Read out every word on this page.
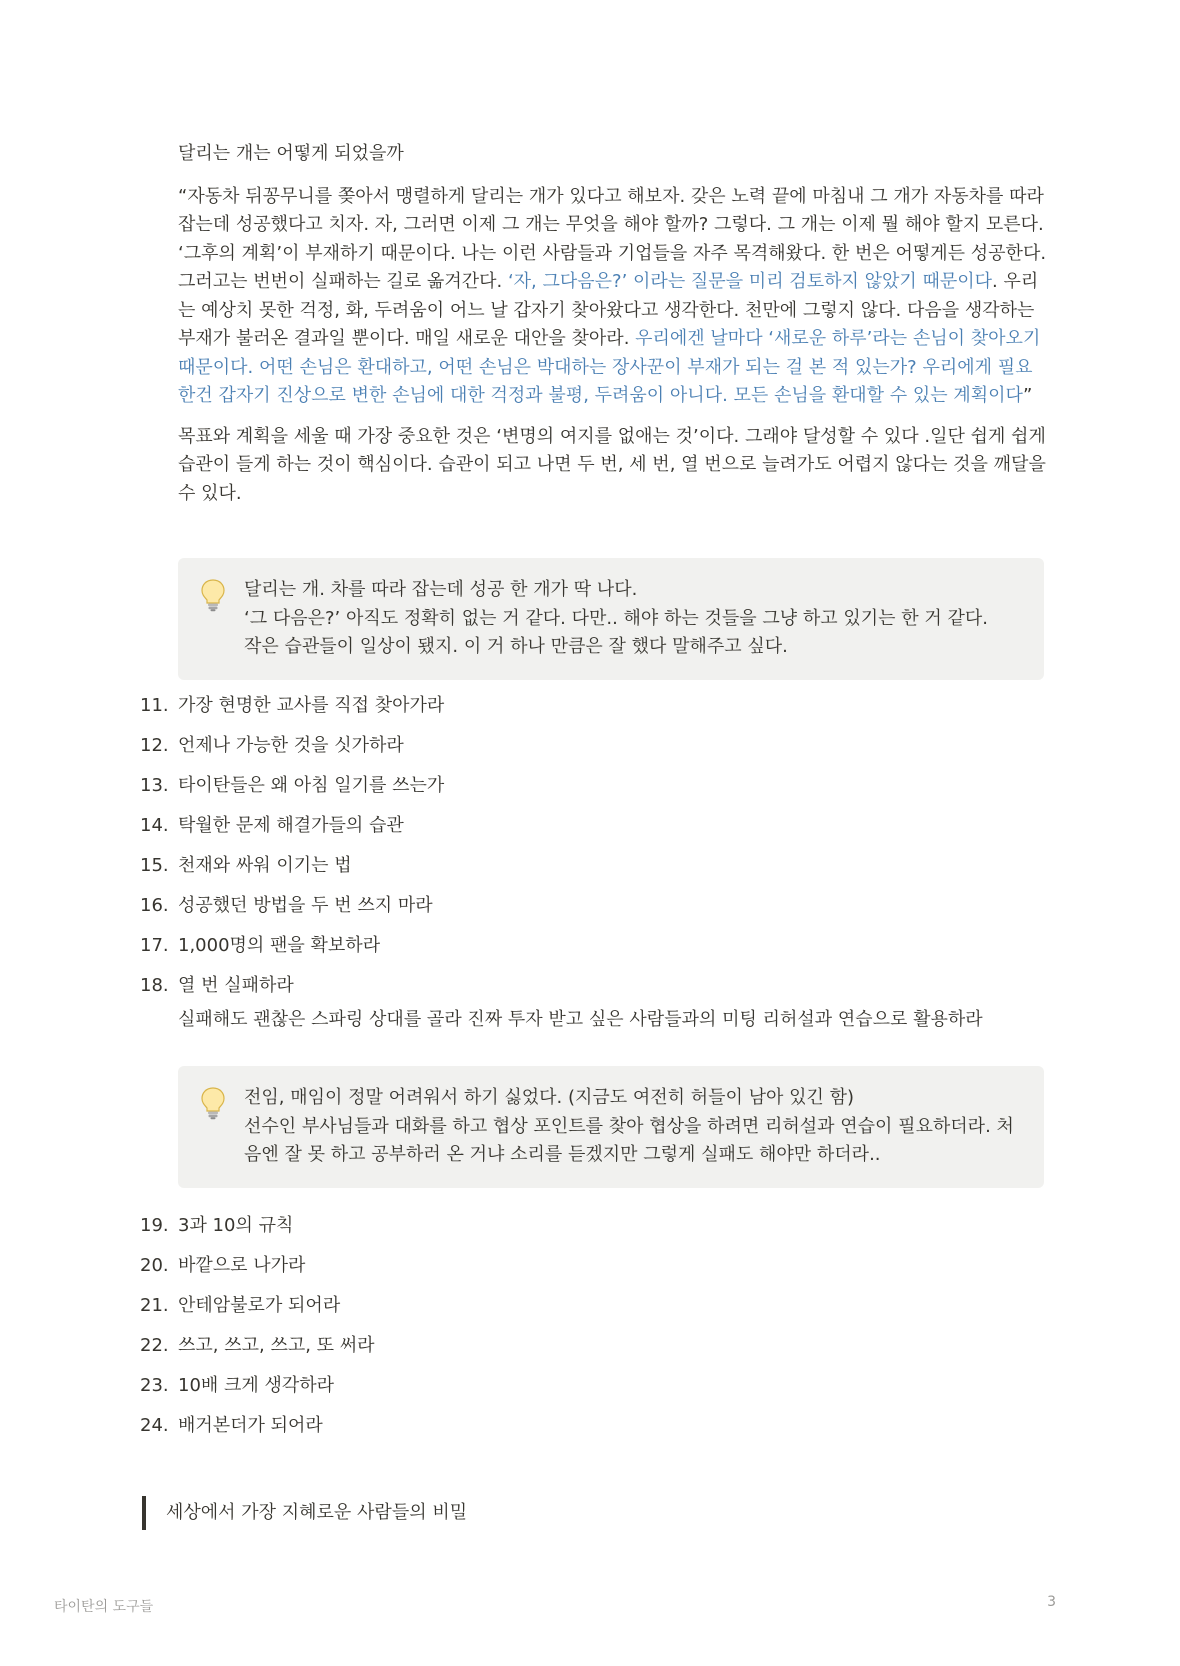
달리는 개는 어떻게 되었을까

“자동차 뒤꽁무니를 쫒아서 맹렬하게 달리는 개가 있다고 해보자. 갖은 노력 끝에 마침내 그 개가 자동차를 따라잡는데 성공했다고 치자. 자, 그러면 이제 그 개는 무엇을 해야 할까? 그렇다. 그 개는 이제 뭘 해야 할지 모른다. ‘그후의 계획’이 부재하기 때문이다. 나는 이런 사람들과 기업들을 자주 목격해왔다. 한 번은 어떻게든 성공한다. 그러고는 번번이 실패하는 길로 옮겨간다. ‘자, 그다음은?’ 이라는 질문을 미리 검토하지 않았기 때문이다. 우리는 예상치 못한 걱정, 화, 두려움이 어느 날 갑자기 찾아왔다고 생각한다. 천만에 그렇지 않다. 다음을 생각하는 부재가 불러온 결과일 뿐이다. 매일 새로운 대안을 찾아라. 우리에겐 날마다 ‘새로운 하루’라는 손님이 찾아오기 때문이다. 어떤 손님은 환대하고, 어떤 손님은 박대하는 장사꾼이 부재가 되는 걸 본 적 있는가? 우리에게 필요한건 갑자기 진상으로 변한 손님에 대한 걱정과 불평, 두려움이 아니다. 모든 손님을 환대할 수 있는 계획이다”

목표와 계획을 세울 때 가장 중요한 것은 ‘변명의 여지를 없애는 것’이다. 그래야 달성할 수 있다 .일단 쉽게 쉽게 습관이 들게 하는 것이 핵심이다. 습관이 되고 나면 두 번, 세 번, 열 번으로 늘려가도 어렵지 않다는 것을 깨달을 수 있다.

달리는 개. 차를 따라 잡는데 성공 한 개가 딱 나다.
‘그 다음은?’ 아직도 정확히 없는 거 같다. 다만.. 해야 하는 것들을 그냥 하고 있기는 한 거 같다.
작은 습관들이 일상이 됐지. 이 거 하나 만큼은 잘 했다 말해주고 싶다.
11. 가장 현명한 교사를 직접 찾아가라
12. 언제나 가능한 것을 싯가하라
13. 타이탄들은 왜 아침 일기를 쓰는가
14. 탁월한 문제 해결가들의 습관
15. 천재와 싸워 이기는 법
16. 성공했던 방법을 두 번 쓰지 마라
17. 1,000명의 팬을 확보하라
18. 열 번 실패하라
실패해도 괜찮은 스파링 상대를 골라 진짜 투자 받고 싶은 사람들과의 미팅 리허설과 연습으로 활용하라
전임, 매임이 정말 어려워서 하기 싫었다. (지금도 여전히 허들이 남아 있긴 함)
선수인 부사님들과 대화를 하고 협상 포인트를 찾아 협상을 하려면 리허설과 연습이 필요하더라. 처음엔 잘 못 하고 공부하러 온 거냐 소리를 듣겠지만 그렇게 실패도 해야만 하더라..
19. 3과 10의 규칙
20. 바깥으로 나가라
21. 안테암불로가 되어라
22. 쓰고, 쓰고, 쓰고, 또 써라
23. 10배 크게 생각하라
24. 배거본더가 되어라
세상에서 가장 지혜로운 사람들의 비밀
타이탄의 도구들	3
